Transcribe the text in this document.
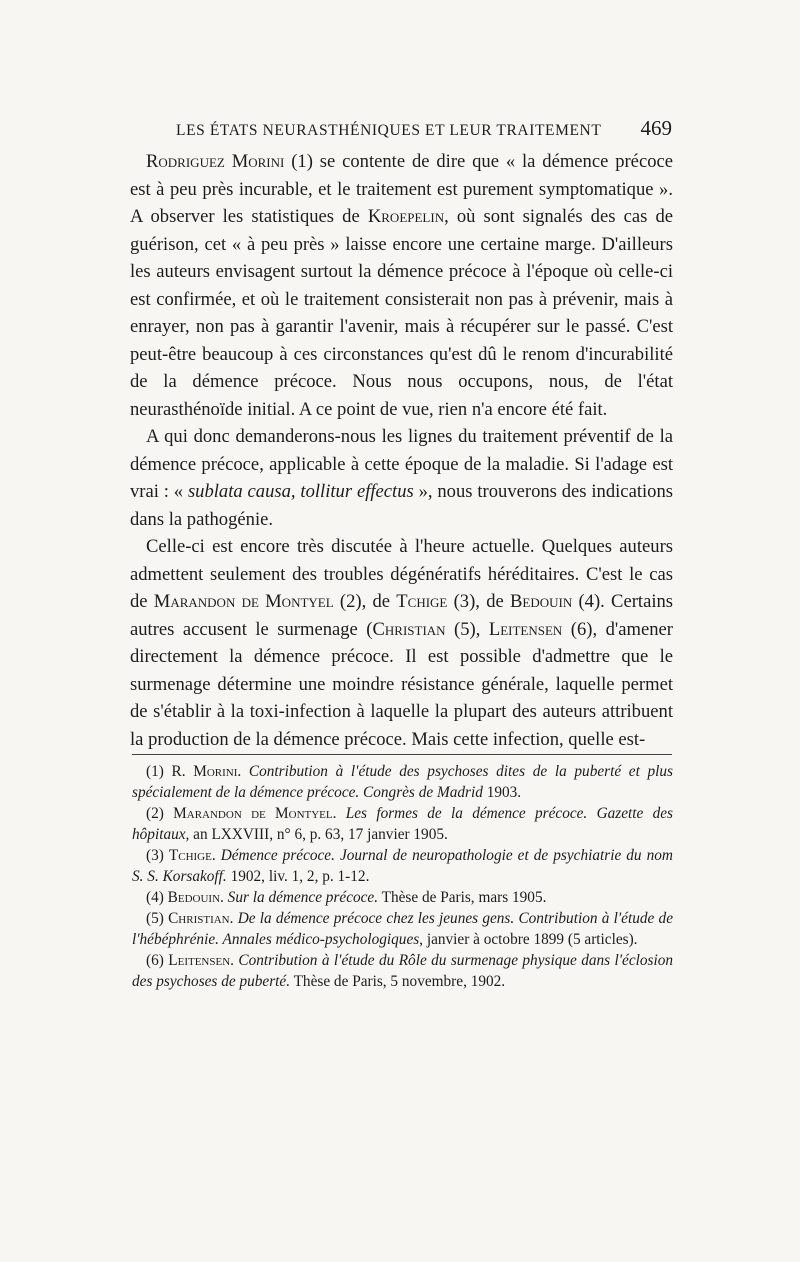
LES ÉTATS NEURASTHÉNIQUES ET LEUR TRAITEMENT 469

Rodriguez Morini (1) se contente de dire que « la démence précoce est à peu près incurable, et le traitement est purement symptomatique ». A observer les statistiques de Kroepelin, où sont signalés des cas de guérison, cet « à peu près » laisse encore une certaine marge. D'ailleurs les auteurs envisagent surtout la démence précoce à l'époque où celle-ci est confirmée, et où le traitement consisterait non pas à prévenir, mais à enrayer, non pas à garantir l'avenir, mais à récupérer sur le passé. C'est peut-être beaucoup à ces circonstances qu'est dû le renom d'incurabilité de la démence précoce. Nous nous occupons, nous, de l'état neurasthénoïde initial. A ce point de vue, rien n'a encore été fait.

A qui donc demanderons-nous les lignes du traitement préventif de la démence précoce, applicable à cette époque de la maladie. Si l'adage est vrai : « sublata causa, tollitur effectus », nous trouverons des indications dans la pathogénie.

Celle-ci est encore très discutée à l'heure actuelle. Quelques auteurs admettent seulement des troubles dégénératifs héréditaires. C'est le cas de Marandon de Montyel (2), de Tchige (3), de Bedouin (4). Certains autres accusent le surmenage (Christian (5), Leitensen (6), d'amener directement la démence précoce. Il est possible d'admettre que le surmenage détermine une moindre résistance générale, laquelle permet de s'établir à la toxi-infection à laquelle la plupart des auteurs attribuent la production de la démence précoce. Mais cette infection, quelle est-

(1) R. Morini. Contribution à l'étude des psychoses dites de la puberté et plus spécialement de la démence précoce. Congrès de Madrid 1903.

(2) Marandon de Montyel. Les formes de la démence précoce. Gazette des hôpitaux, an LXXVIII, n° 6, p. 63, 17 janvier 1905.

(3) Tchige. Démence précoce. Journal de neuropathologie et de psychiatrie du nom S. S. Korsakoff. 1902, liv. 1, 2, p. 1-12.

(4) Bedouin. Sur la démence précoce. Thèse de Paris, mars 1905.

(5) Christian. De la démence précoce chez les jeunes gens. Contribution à l'étude de l'hébéphrénie. Annales médico-psychologiques, janvier à octobre 1899 (5 articles).

(6) Leitensen. Contribution à l'étude du Rôle du surmenage physique dans l'éclosion des psychoses de puberté. Thèse de Paris, 5 novembre, 1902.
